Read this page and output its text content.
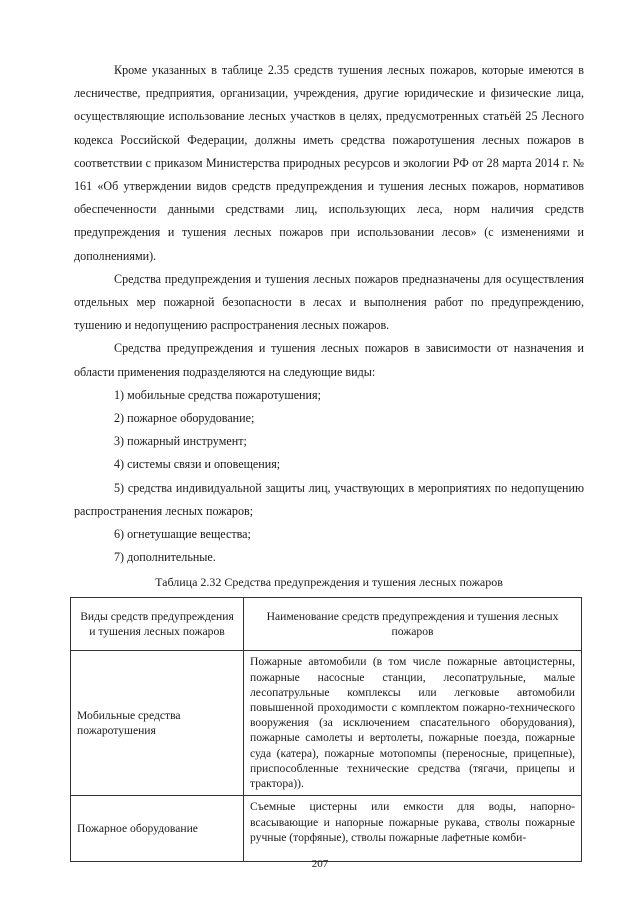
Кроме указанных в таблице 2.35 средств тушения лесных пожаров, которые имеются в лесничестве, предприятия, организации, учреждения, другие юридические и физические лица, осуществляющие использование лесных участков в целях, предусмотренных статьёй 25 Лесного кодекса Российской Федерации, должны иметь средства пожаротушения лесных пожаров в соответствии с приказом Министерства природных ресурсов и экологии РФ от 28 марта 2014 г. № 161 «Об утверждении видов средств предупреждения и тушения лесных пожаров, нормативов обеспеченности данными средствами лиц, использующих леса, норм наличия средств предупреждения и тушения лесных пожаров при использовании лесов» (с изменениями и дополнениями).

Средства предупреждения и тушения лесных пожаров предназначены для осуществления отдельных мер пожарной безопасности в лесах и выполнения работ по предупреждению, тушению и недопущению распространения лесных пожаров.

Средства предупреждения и тушения лесных пожаров в зависимости от назначения и области применения подразделяются на следующие виды:

1) мобильные средства пожаротушения;

2) пожарное оборудование;

3) пожарный инструмент;

4) системы связи и оповещения;

5) средства индивидуальной защиты лиц, участвующих в мероприятиях по недопущению распространения лесных пожаров;

6) огнетушащие вещества;

7) дополнительные.

Таблица 2.32 Средства предупреждения и тушения лесных пожаров
Виды средств предупреждения и тушения лесных пожаров	Наименование средств предупреждения и тушения лесных пожаров
Мобильные средства пожаротушения	Пожарные автомобили (в том числе пожарные автоцистерны, пожарные насосные станции, лесопатрульные, малые лесопатрульные комплексы или легковые автомобили повышенной проходимости с комплектом пожарно-технического вооружения (за исключением спасательного оборудования), пожарные самолеты и вертолеты, пожарные поезда, пожарные суда (катера), пожарные мотопомпы (переносные, прицепные), приспособленные технические средства (тягачи, прицепы и трактора)).
Пожарное оборудование	Съемные цистерны или емкости для воды, напорно-всасывающие и напорные пожарные рукава, стволы пожарные ручные (торфяные), стволы пожарные лафетные комби-
207
